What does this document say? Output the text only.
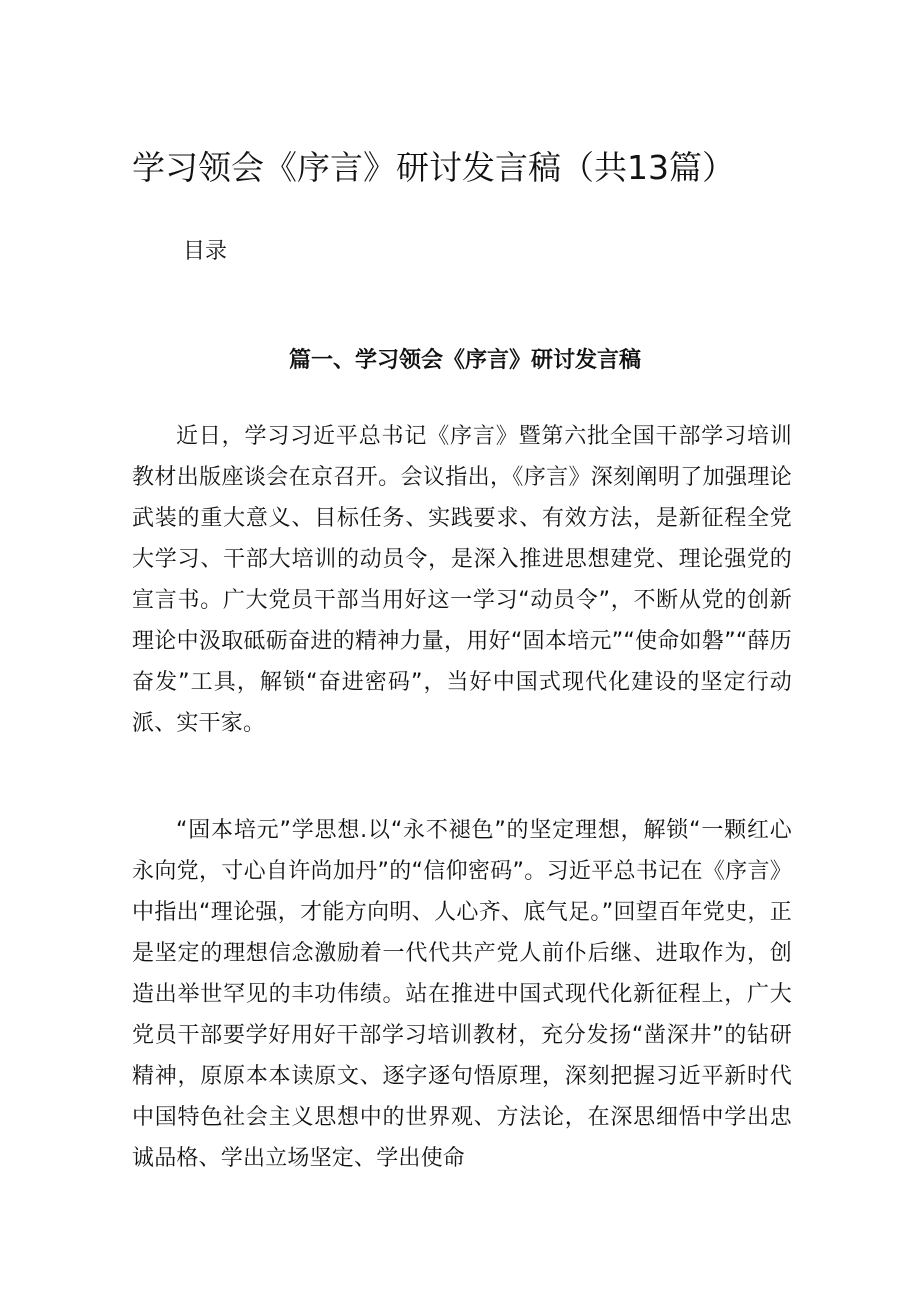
学习领会《序言》研讨发言稿（共13篇）
目录
篇一、学习领会《序言》研讨发言稿

近日，学习习近平总书记《序言》暨第六批全国干部学习培训教材出版座谈会在京召开。会议指出，《序言》深刻阐明了加强理论武装的重大意义、目标任务、实践要求、有效方法，是新征程全党大学习、干部大培训的动员令，是深入推进思想建党、理论强党的宣言书。广大党员干部当用好这一学习“动员令”，不断从党的创新理论中汲取砥砺奋进的精神力量，用好“固本培元”“使命如磐”“薛历奋发”工具，解锁“奋进密码”，当好中国式现代化建设的坚定行动派、实干家。

“固本培元”学思想.以“永不褪色”的坚定理想，解锁“一颗红心永向党，寸心自许尚加丹”的“信仰密码”。习近平总书记在《序言》中指出“理论强，才能方向明、人心齐、底气足。”回望百年党史，正是坚定的理想信念激励着一代代共产党人前仆后继、进取作为，创造出举世罕见的丰功伟绩。站在推进中国式现代化新征程上，广大党员干部要学好用好干部学习培训教材，充分发扬“凿深井”的钻研精神，原原本本读原文、逐字逐句悟原理，深刻把握习近平新时代中国特色社会主义思想中的世界观、方法论，在深思细悟中学出忠诚品格、学出立场坚定、学出使命
